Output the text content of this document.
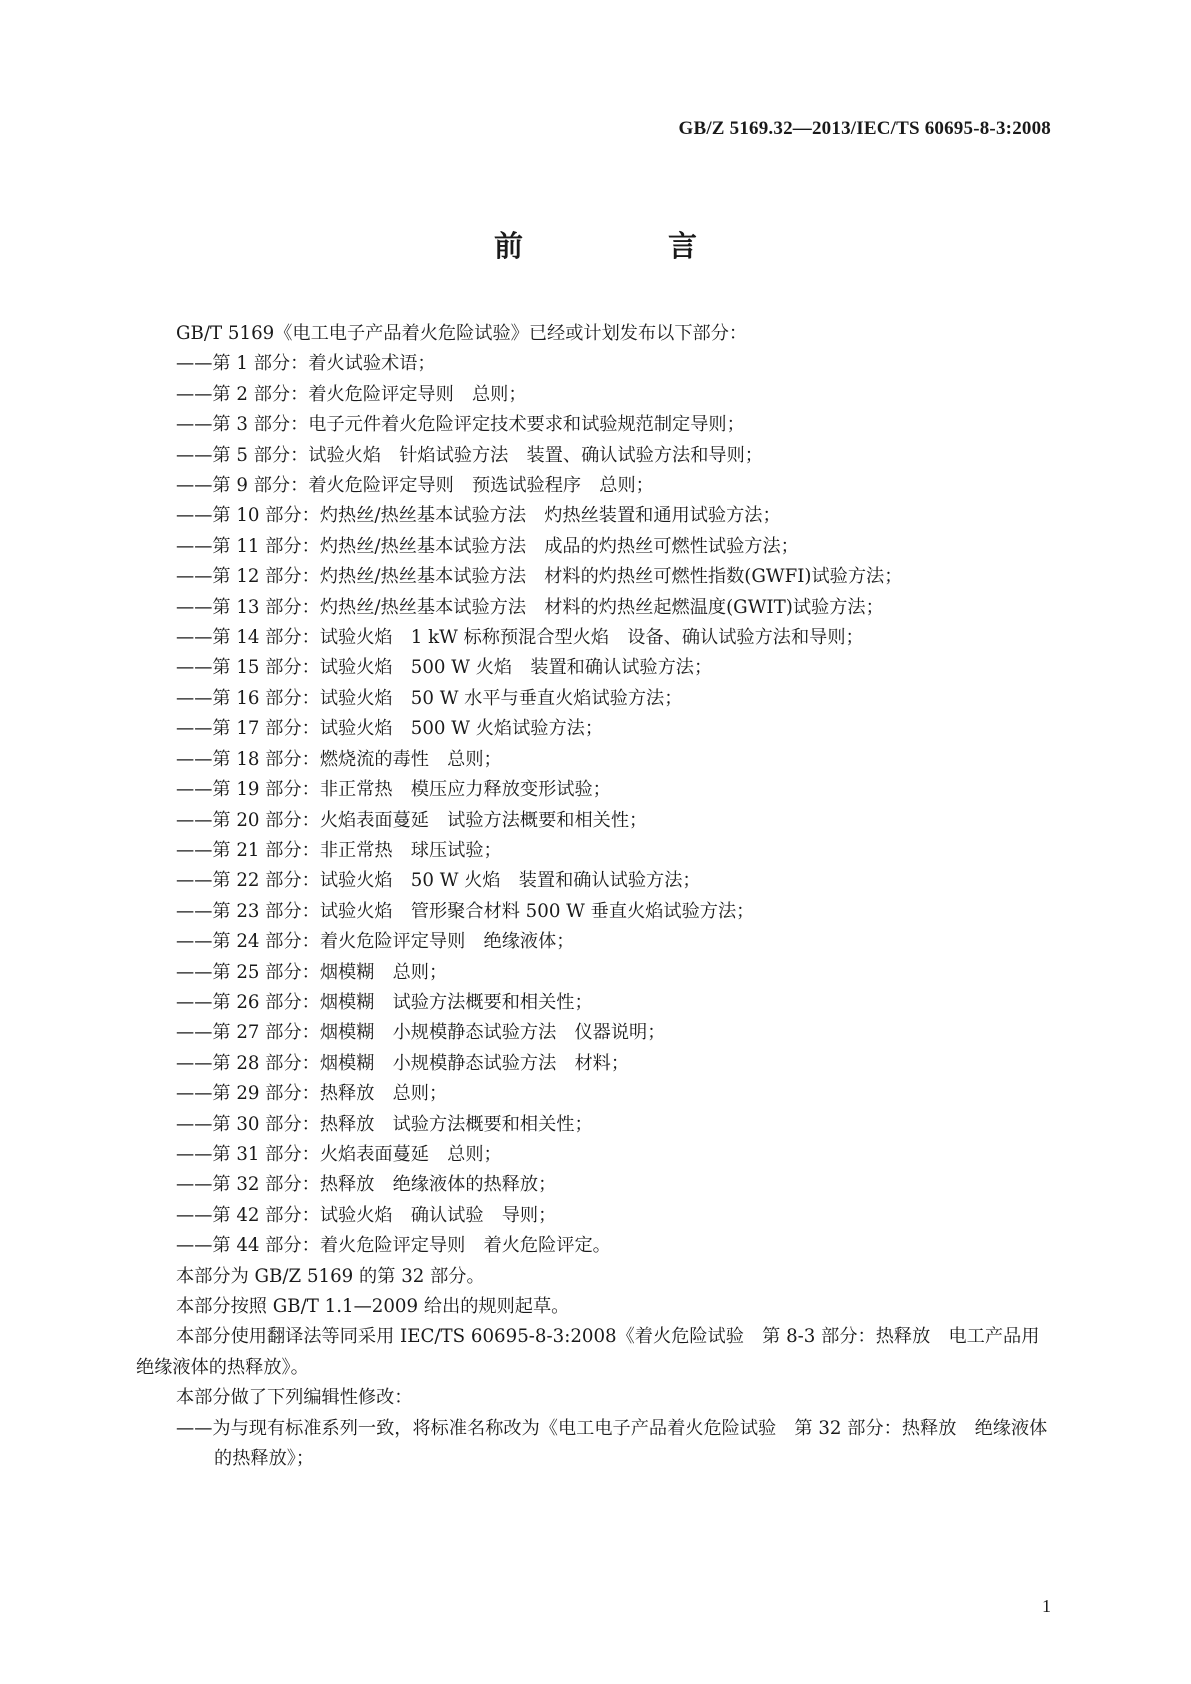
GB/Z 5169.32—2013/IEC/TS 60695-8-3:2008
前　言

GB/T 5169《电工电子产品着火危险试验》已经或计划发布以下部分：

——第 1 部分：着火试验术语；

——第 2 部分：着火危险评定导则　总则；

——第 3 部分：电子元件着火危险评定技术要求和试验规范制定导则；

——第 5 部分：试验火焰　针焰试验方法　装置、确认试验方法和导则；

——第 9 部分：着火危险评定导则　预选试验程序　总则；

——第 10 部分：灼热丝/热丝基本试验方法　灼热丝装置和通用试验方法；

——第 11 部分：灼热丝/热丝基本试验方法　成品的灼热丝可燃性试验方法；

——第 12 部分：灼热丝/热丝基本试验方法　材料的灼热丝可燃性指数(GWFI)试验方法；

——第 13 部分：灼热丝/热丝基本试验方法　材料的灼热丝起燃温度(GWIT)试验方法；

——第 14 部分：试验火焰　1 kW 标称预混合型火焰　设备、确认试验方法和导则；

——第 15 部分：试验火焰　500 W 火焰　装置和确认试验方法；

——第 16 部分：试验火焰　50 W 水平与垂直火焰试验方法；

——第 17 部分：试验火焰　500 W 火焰试验方法；

——第 18 部分：燃烧流的毒性　总则；

——第 19 部分：非正常热　模压应力释放变形试验；

——第 20 部分：火焰表面蔓延　试验方法概要和相关性；

——第 21 部分：非正常热　球压试验；

——第 22 部分：试验火焰　50 W 火焰　装置和确认试验方法；

——第 23 部分：试验火焰　管形聚合材料 500 W 垂直火焰试验方法；

——第 24 部分：着火危险评定导则　绝缘液体；

——第 25 部分：烟模糊　总则；

——第 26 部分：烟模糊　试验方法概要和相关性；

——第 27 部分：烟模糊　小规模静态试验方法　仪器说明；

——第 28 部分：烟模糊　小规模静态试验方法　材料；

——第 29 部分：热释放　总则；

——第 30 部分：热释放　试验方法概要和相关性；

——第 31 部分：火焰表面蔓延　总则；

——第 32 部分：热释放　绝缘液体的热释放；

——第 42 部分：试验火焰　确认试验　导则；

——第 44 部分：着火危险评定导则　着火危险评定。

本部分为 GB/Z 5169 的第 32 部分。

本部分按照 GB/T 1.1—2009 给出的规则起草。

本部分使用翻译法等同采用 IEC/TS 60695-8-3:2008《着火危险试验　第 8-3 部分：热释放　电工产品用绝缘液体的热释放》。

本部分做了下列编辑性修改：

——为与现有标准系列一致，将标准名称改为《电工电子产品着火危险试验　第 32 部分：热释放　绝缘液体的热释放》；

1
